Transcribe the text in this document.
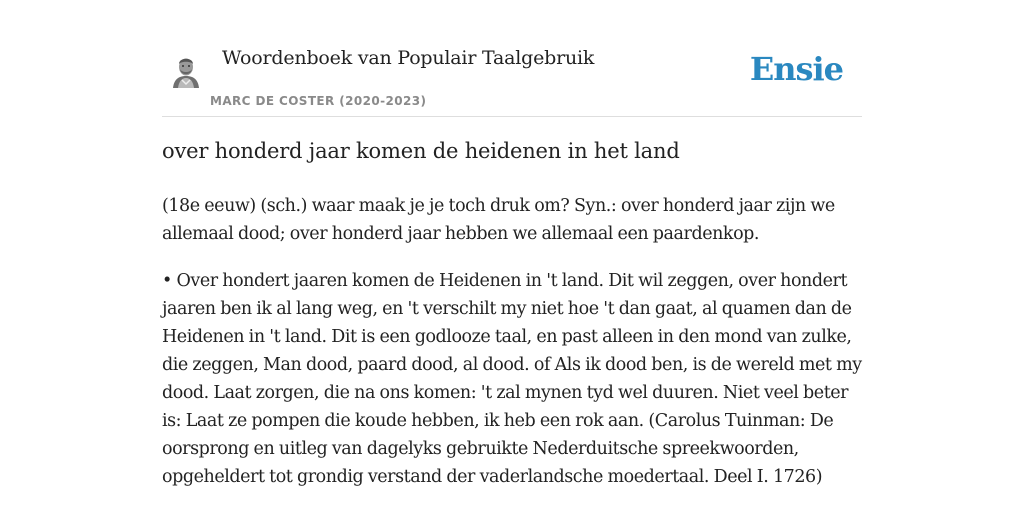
Woordenboek van Populair Taalgebruik
MARC DE COSTER (2020-2023)
Ensie
over honderd jaar komen de heidenen in het land

(18e eeuw) (sch.) waar maak je je toch druk om? Syn.: over honderd jaar zijn we allemaal dood; over honderd jaar hebben we allemaal een paardenkop.

• Over hondert jaaren komen de Heidenen in 't land. Dit wil zeggen, over hondert jaaren ben ik al lang weg, en 't verschilt my niet hoe 't dan gaat, al quamen dan de Heidenen in 't land. Dit is een godlooze taal, en past alleen in den mond van zulke, die zeggen, Man dood, paard dood, al dood. of Als ik dood ben, is de wereld met my dood. Laat zorgen, die na ons komen: 't zal mynen tyd wel duuren. Niet veel beter is: Laat ze pompen die koude hebben, ik heb een rok aan. (Carolus Tuinman: De oorsprong en uitleg van dagelyks gebruikte Nederduitsche spreekwoorden, opgeheldert tot grondig verstand der vaderlandsche moedertaal. Deel I. 1726)
